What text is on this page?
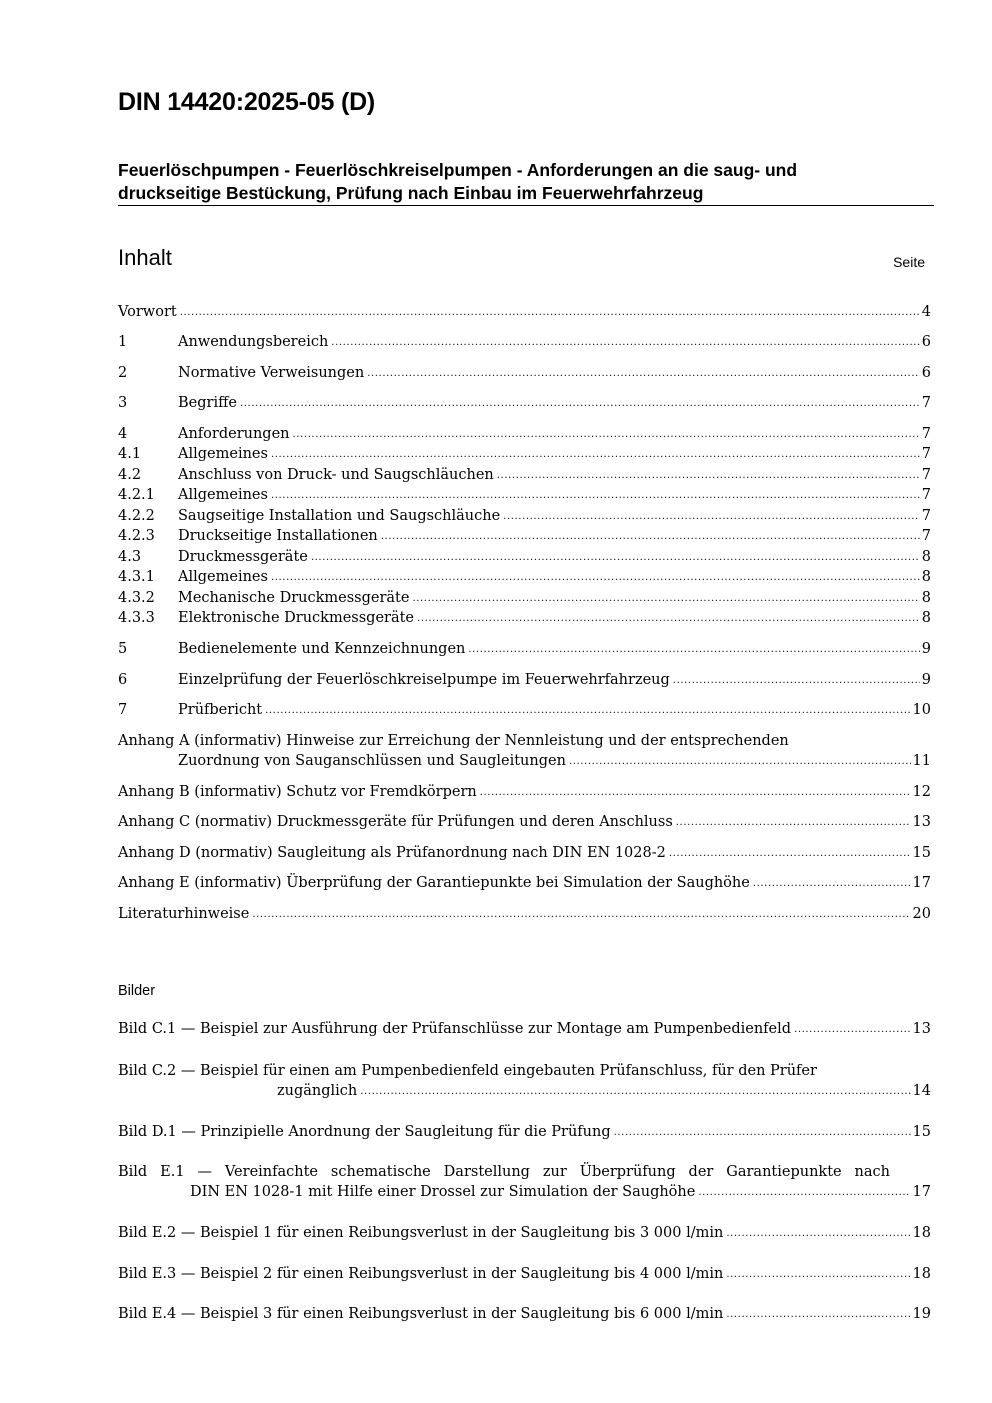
DIN 14420:2025-05 (D)
Feuerlöschpumpen - Feuerlöschkreiselpumpen - Anforderungen an die saug- und
druckseitige Bestückung, Prüfung nach Einbau im Feuerwehrfahrzeug
Inhalt	Seite
Vorwort .....	4
1	Anwendungsbereich .....	6
2	Normative Verweisungen .....	6
3	Begriffe .....	7
4	Anforderungen .....	7
4.1	Allgemeines .....	7
4.2	Anschluss von Druck- und Saugschläuchen .....	7
4.2.1	Allgemeines .....	7
4.2.2	Saugseitige Installation und Saugschläuche .....	7
4.2.3	Druckseitige Installationen .....	7
4.3	Druckmessgeräte .....	8
4.3.1	Allgemeines .....	8
4.3.2	Mechanische Druckmessgeräte .....	8
4.3.3	Elektronische Druckmessgeräte .....	8
5	Bedienelemente und Kennzeichnungen .....	9
6	Einzelprüfung der Feuerlöschkreiselpumpe im Feuerwehrfahrzeug .....	9
7	Prüfbericht .....	10
Anhang A (informativ) Hinweise zur Erreichung der Nennleistung und der entsprechenden
Zuordnung von Sauganschlüssen und Saugleitungen .....	11
Anhang B (informativ) Schutz vor Fremdkörpern .....	12
Anhang C (normativ) Druckmessgeräte für Prüfungen und deren Anschluss .....	13
Anhang D (normativ) Saugleitung als Prüfanordnung nach DIN EN 1028-2 .....	15
Anhang E (informativ) Überprüfung der Garantiepunkte bei Simulation der Saughöhe .....	17
Literaturhinweise .....	20
Bilder
Bild C.1 — Beispiel zur Ausführung der Prüfanschlüsse zur Montage am Pumpenbedienfeld .....	13
Bild C.2 — Beispiel für einen am Pumpenbedienfeld eingebauten Prüfanschluss, für den Prüfer
zugänglich .....	14
Bild D.1 — Prinzipielle Anordnung der Saugleitung für die Prüfung .....	15
Bild E.1 — Vereinfachte schematische Darstellung zur Überprüfung der Garantiepunkte nach
DIN EN 1028-1 mit Hilfe einer Drossel zur Simulation der Saughöhe .....	17
Bild E.2 — Beispiel 1 für einen Reibungsverlust in der Saugleitung bis 3 000 l/min .....	18
Bild E.3 — Beispiel 2 für einen Reibungsverlust in der Saugleitung bis 4 000 l/min .....	18
Bild E.4 — Beispiel 3 für einen Reibungsverlust in der Saugleitung bis 6 000 l/min .....	19
